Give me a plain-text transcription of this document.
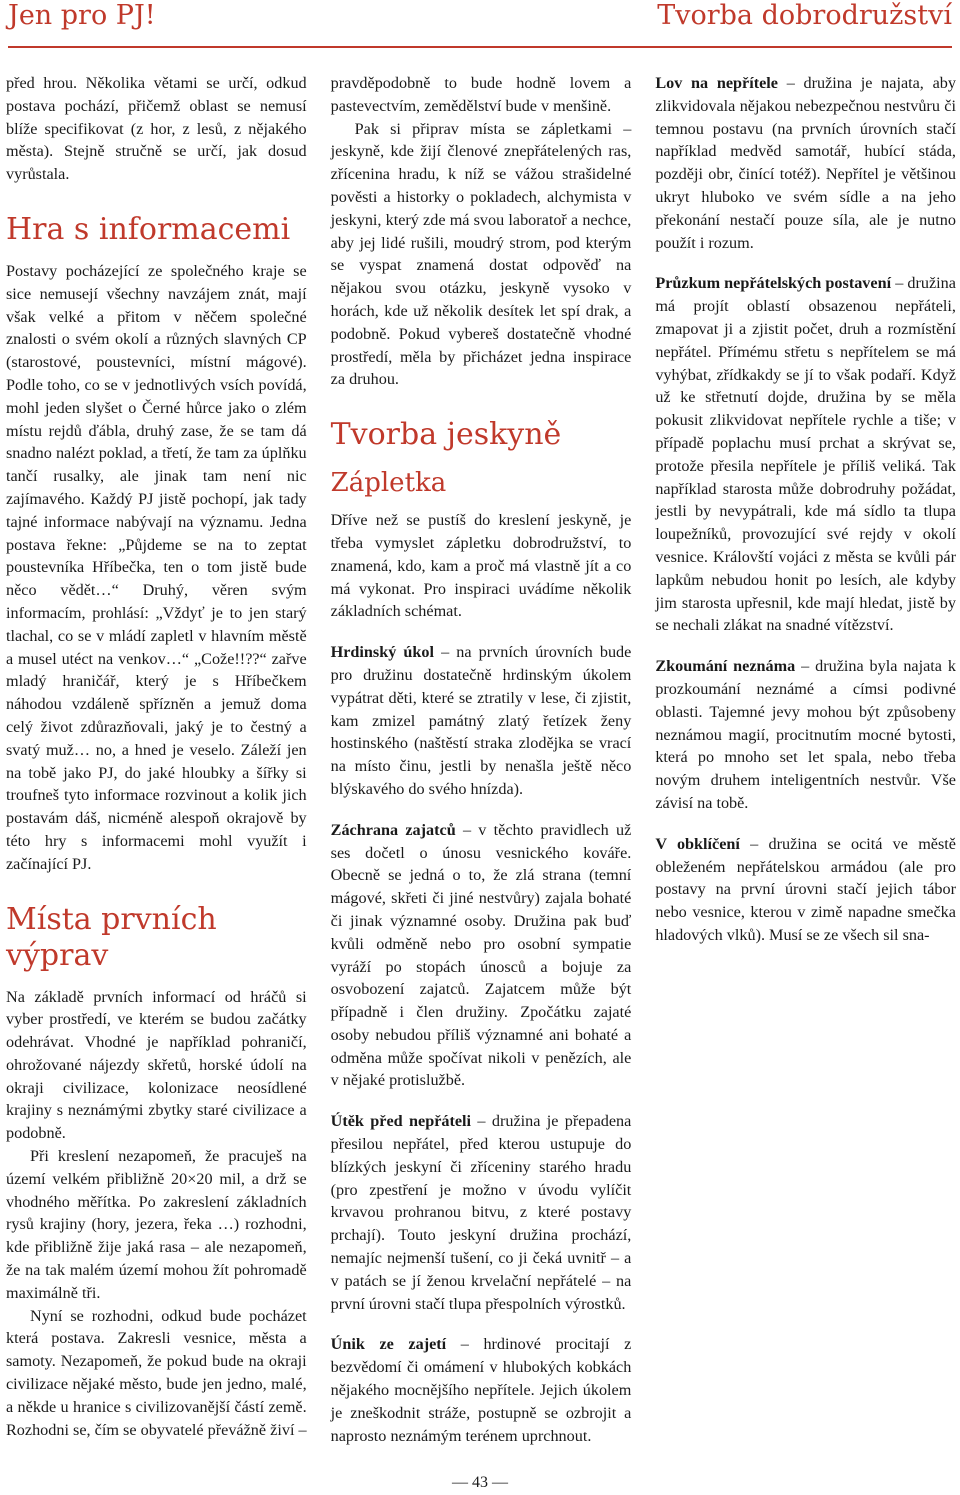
Jen pro PJ!	Tvorba dobrodružství

před hrou. Několika větami se určí, odkud postava pochází, přičemž oblast se nemusí blíže specifikovat (z hor, z lesů, z nějakého města). Stejně stručně se určí, jak dosud vyrůstala.

Hra s informacemi

Postavy pocházející ze společného kraje se sice nemusejí všechny navzájem znát, mají však velké a přitom v něčem společné znalosti o svém okolí a různých slavných CP (starostové, poustevníci, místní mágové). Podle toho, co se v jednotlivých vsích povídá, mohl jeden slyšet o Černé hůrce jako o zlém místu rejdů ďábla, druhý zase, že se tam dá snadno nalézt poklad, a třetí, že tam za úplňku tančí rusalky, ale jinak tam není nic zajímavého. Každý PJ jistě pochopí, jak tady tajné informace nabývají na významu. Jedna postava řekne: „Půjdeme se na to zeptat poustevníka Hříbečka, ten o tom jistě bude něco vědět…“ Druhý, věren svým informacím, prohlásí: „Vždyť je to jen starý tlachal, co se v mládí zapletl v hlavním městě a musel utéct na venkov…“ „Cože!!??“ zařve mladý hraničář, který je s Hříbečkem náhodou vzdáleně spřízněn a jemuž doma celý život zdůrazňovali, jaký je to čestný a svatý muž… no, a hned je veselo. Záleží jen na tobě jako PJ, do jaké hloubky a šířky si troufneš tyto informace rozvinout a kolik jich postavám dáš, nicméně alespoň okrajově by této hry s informacemi mohl využít i začínající PJ.

Místa prvních výprav

Na základě prvních informací od hráčů si vyber prostředí, ve kterém se budou začátky odehrávat. Vhodné je například pohraničí, ohrožované nájezdy skřetů, horské údolí na okraji civilizace, kolonizace neosídlené krajiny s neznámými zbytky staré civilizace a podobně.

Při kreslení nezapomeň, že pracuješ na území velkém přibližně 20×20 mil, a drž se vhodného měřítka. Po zakreslení základních rysů krajiny (hory, jezera, řeka …) rozhodni, kde přibližně žije jaká rasa – ale nezapomeň, že na tak malém území mohou žít pohromadě maximálně tři.

Nyní se rozhodni, odkud bude pocházet která postava. Zakresli vesnice, města a samoty. Nezapomeň, že pokud bude na okraji civilizace nějaké město, bude jen jedno, malé, a někde u hranice s civilizovanější částí země. Rozhodni se, čím se obyvatelé převážně živí – pravděpodobně to bude hodně lovem a pastevectvím, zemědělství bude v menšině.

Pak si připrav místa se zápletkami – jeskyně, kde žijí členové znepřátelených ras, zřícenina hradu, k níž se vážou strašidelné pověsti a historky o pokladech, alchymista v jeskyni, který zde má svou laboratoř a nechce, aby jej lidé rušili, moudrý strom, pod kterým se vyspat znamená dostat odpověď na nějakou svou otázku, jeskyně vysoko v horách, kde už několik desítek let spí drak, a podobně. Pokud vybereš dostatečně vhodné prostředí, měla by přicházet jedna inspirace za druhou.

Tvorba jeskyně
Zápletka

Dříve než se pustíš do kreslení jeskyně, je třeba vymyslet zápletku dobrodružství, to znamená, kdo, kam a proč má vlastně jít a co má vykonat. Pro inspiraci uvádíme několik základních schémat.

Hrdinský úkol – na prvních úrovních bude pro družinu dostatečně hrdinským úkolem vypátrat děti, které se ztratily v lese, či zjistit, kam zmizel památný zlatý řetízek ženy hostinského (naštěstí straka zlodějka se vrací na místo činu, jestli by nenašla ještě něco blýskavého do svého hnízda).

Záchrana zajatců – v těchto pravidlech už ses dočetl o únosu vesnického kováře. Obecně se jedná o to, že zlá strana (temní mágové, skřeti či jiné nestvůry) zajala bohaté či jinak významné osoby. Družina pak buď kvůli odměně nebo pro osobní sympatie vyráží po stopách únosců a bojuje za osvobození zajatců. Zajatcem může být případně i člen družiny. Zpočátku zajaté osoby nebudou příliš významné ani bohaté a odměna může spočívat nikoli v penězích, ale v nějaké protislužbě.

Útěk před nepřáteli – družina je přepadena přesilou nepřátel, před kterou ustupuje do blízkých jeskyní či zříceniny starého hradu (pro zpestření je možno v úvodu vylíčit krvavou prohranou bitvu, z které postavy prchají). Touto jeskyní družina prochází, nemajíc nejmenší tušení, co ji čeká uvnitř – a v patách se jí ženou krvelační nepřátelé – na první úrovni stačí tlupa přespolních výrostků.

Únik ze zajetí – hrdinové procitají z bezvědomí či omámení v hlubokých kobkách nějakého mocnějšího nepřítele. Jejich úkolem je zneškodnit stráže, postupně se ozbrojit a naprosto neznámým terénem uprchnout.

Lov na nepřítele – družina je najata, aby zlikvidovala nějakou nebezpečnou nestvůru či temnou postavu (na prvních úrovních stačí například medvěd samotář, hubící stáda, později obr, činící totéž). Nepřítel je většinou ukryt hluboko ve svém sídle a na jeho překonání nestačí pouze síla, ale je nutno použít i rozum.

Průzkum nepřátelských postavení – družina má projít oblastí obsazenou nepřáteli, zmapovat ji a zjistit počet, druh a rozmístění nepřátel. Přímému střetu s nepřítelem se má vyhýbat, zřídkakdy se jí to však podaří. Když už ke střetnutí dojde, družina by se měla pokusit zlikvidovat nepřítele rychle a tiše; v případě poplachu musí prchat a skrývat se, protože přesila nepřítele je příliš veliká. Tak například starosta může dobrodruhy požádat, jestli by nevypátrali, kde má sídlo ta tlupa loupežníků, provozující své rejdy v okolí vesnice. Královští vojáci z města se kvůli pár lapkům nebudou honit po lesích, ale kdyby jim starosta upřesnil, kde mají hledat, jistě by se nechali zlákat na snadné vítězství.

Zkoumání neznáma – družina byla najata k prozkoumání neznámé a címsi podivné oblasti. Tajemné jevy mohou být způsobeny neznámou magií, procitnutím mocné bytosti, která po mnoho set let spala, nebo třeba novým druhem inteligentních nestvůr. Vše závisí na tobě.

V obklíčení – družina se ocitá ve městě obleženém nepřátelskou armádou (ale pro postavy na první úrovni stačí jejich tábor nebo vesnice, kterou v zimě napadne smečka hladových vlků). Musí se ze všech sil sna-

— 43 —
